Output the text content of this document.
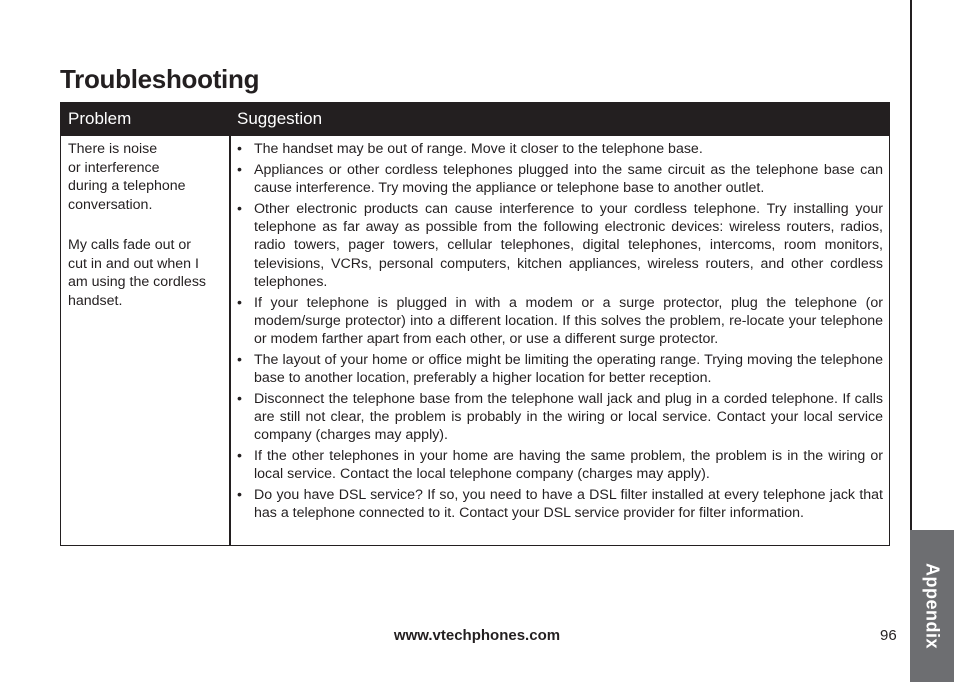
Appendix
Troubleshooting
Problem	Suggestion

There is noise
or interference
during a telephone
conversation.

My calls fade out or
cut in and out when I
am using the cordless
handset.

• The handset may be out of range. Move it closer to the telephone base.
• Appliances or other cordless telephones plugged into the same circuit as the telephone base can cause interference. Try moving the appliance or telephone base to another outlet.
• Other electronic products can cause interference to your cordless telephone. Try installing your telephone as far away as possible from the following electronic devices: wireless routers, radios, radio towers, pager towers, cellular telephones, digital telephones, intercoms, room monitors, televisions, VCRs, personal computers, kitchen appliances, wireless routers, and other cordless telephones.
• If your telephone is plugged in with a modem or a surge protector, plug the telephone (or modem/surge protector) into a different location. If this solves the problem, re-locate your telephone or modem farther apart from each other, or use a different surge protector.
• The layout of your home or office might be limiting the operating range. Trying moving the telephone base to another location, preferably a higher location for better reception.
• Disconnect the telephone base from the telephone wall jack and plug in a corded telephone. If calls are still not clear, the problem is probably in the wiring or local service. Contact your local service company (charges may apply).
• If the other telephones in your home are having the same problem, the problem is in the wiring or local service. Contact the local telephone company (charges may apply).
• Do you have DSL service? If so, you need to have a DSL filter installed at every telephone jack that has a telephone connected to it. Contact your DSL service provider for filter information.
www.vtechphones.com	96
